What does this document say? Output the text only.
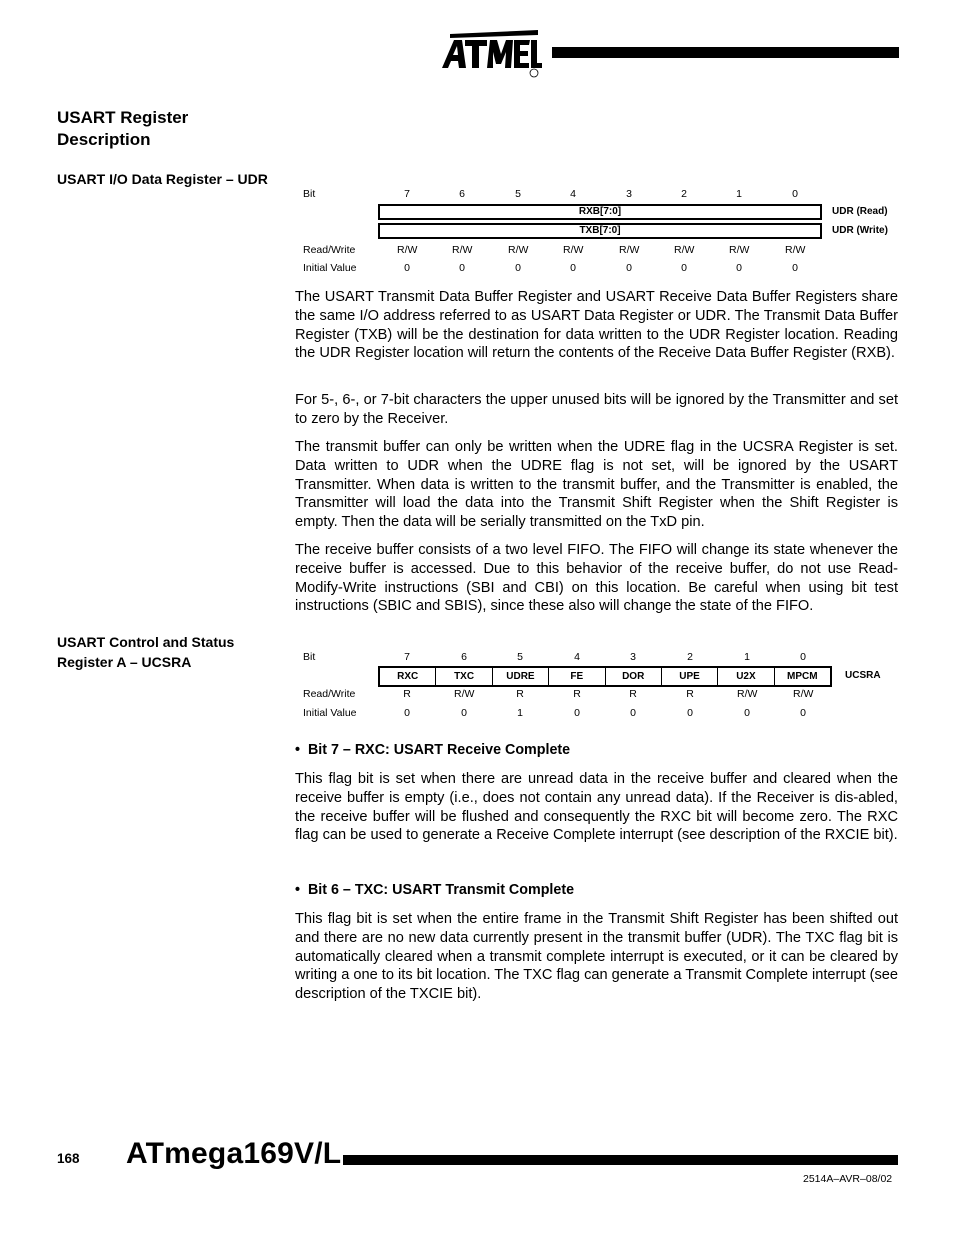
ATMEL
USART Register Description
USART I/O Data Register – UDR
Bit	7	6	5	4	3	2	1	0
RXB[7:0]	UDR (Read)
TXB[7:0]	UDR (Write)
Read/Write	R/W	R/W	R/W	R/W	R/W	R/W	R/W	R/W
Initial Value	0	0	0	0	0	0	0	0
The USART Transmit Data Buffer Register and USART Receive Data Buffer Registers share the same I/O address referred to as USART Data Register or UDR. The Transmit Data Buffer Register (TXB) will be the destination for data written to the UDR Register location. Reading the UDR Register location will return the contents of the Receive Data Buffer Register (RXB).
For 5-, 6-, or 7-bit characters the upper unused bits will be ignored by the Transmitter and set to zero by the Receiver.
The transmit buffer can only be written when the UDRE flag in the UCSRA Register is set. Data written to UDR when the UDRE flag is not set, will be ignored by the USART Transmitter. When data is written to the transmit buffer, and the Transmitter is enabled, the Transmitter will load the data into the Transmit Shift Register when the Shift Register is empty. Then the data will be serially transmitted on the TxD pin.
The receive buffer consists of a two level FIFO. The FIFO will change its state whenever the receive buffer is accessed. Due to this behavior of the receive buffer, do not use Read-Modify-Write instructions (SBI and CBI) on this location. Be careful when using bit test instructions (SBIC and SBIS), since these also will change the state of the FIFO.
USART Control and Status Register A – UCSRA	Bit	7	6	5	4	3	2	1	0
RXC	TXC	UDRE	FE	DOR	UPE	U2X	MPCM	UCSRA
Read/Write	R	R/W	R	R	R	R	R/W	R/W
Initial Value	0	0	1	0	0	0	0	0
•  Bit 7 – RXC: USART Receive Complete
This flag bit is set when there are unread data in the receive buffer and cleared when the receive buffer is empty (i.e., does not contain any unread data). If the Receiver is dis-abled, the receive buffer will be flushed and consequently the RXC bit will become zero. The RXC flag can be used to generate a Receive Complete interrupt (see description of the RXCIE bit).
•  Bit 6 – TXC: USART Transmit Complete
This flag bit is set when the entire frame in the Transmit Shift Register has been shifted out and there are no new data currently present in the transmit buffer (UDR). The TXC flag bit is automatically cleared when a transmit complete interrupt is executed, or it can be cleared by writing a one to its bit location. The TXC flag can generate a Transmit Complete interrupt (see description of the TXCIE bit).
168 ATmega169V/L
2514A–AVR–08/02
